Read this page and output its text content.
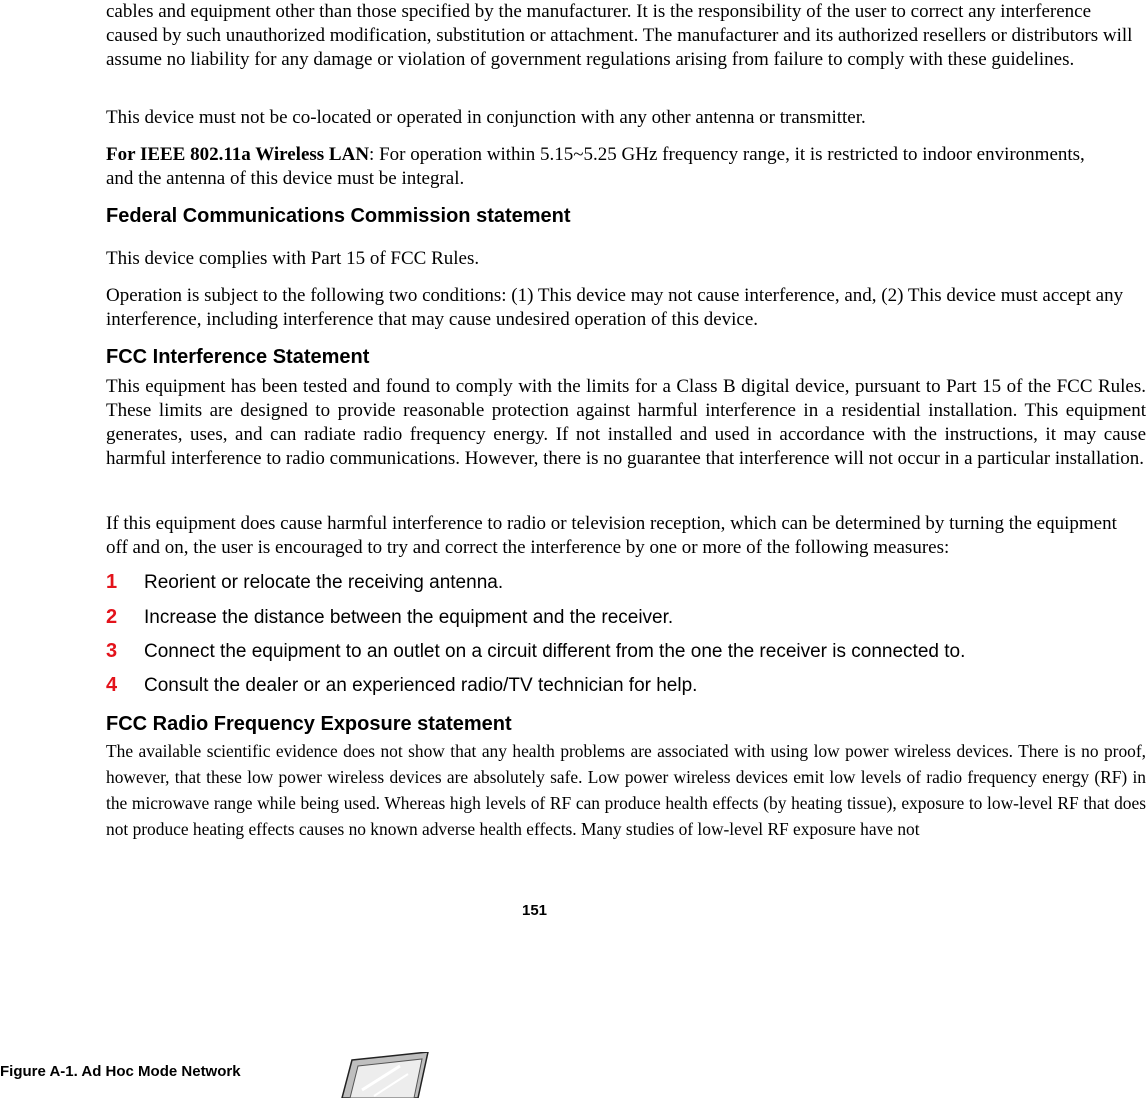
cables and equipment other than those specified by the manufacturer. It is the responsibility of the user to correct any interference caused by such unauthorized modification, substitution or attachment. The manufacturer and its authorized resellers or distributors will assume no liability for any damage or violation of government regulations arising from failure to comply with these guidelines.

This device must not be co-located or operated in conjunction with any other antenna or transmitter.

For IEEE 802.11a Wireless LAN: For operation within 5.15~5.25 GHz frequency range, it is restricted to indoor environments, and the antenna of this device must be integral.

Federal Communications Commission statement

This device complies with Part 15 of FCC Rules.

Operation is subject to the following two conditions: (1) This device may not cause interference, and, (2) This device must accept any interference, including interference that may cause undesired operation of this device.

FCC Interference Statement

This equipment has been tested and found to comply with the limits for a Class B digital device, pursuant to Part 15 of the FCC Rules. These limits are designed to provide reasonable protection against harmful interference in a residential installation. This equipment generates, uses, and can radiate radio frequency energy. If not installed and used in accordance with the instructions, it may cause harmful interference to radio communications. However, there is no guarantee that interference will not occur in a particular installation.

If this equipment does cause harmful interference to radio or television reception, which can be determined by turning the equipment off and on, the user is encouraged to try and correct the interference by one or more of the following measures:

1 Reorient or relocate the receiving antenna.
2 Increase the distance between the equipment and the receiver.
3 Connect the equipment to an outlet on a circuit different from the one the receiver is connected to.
4 Consult the dealer or an experienced radio/TV technician for help.
FCC Radio Frequency Exposure statement

The available scientific evidence does not show that any health problems are associated with using low power wireless devices. There is no proof, however, that these low power wireless devices are absolutely safe. Low power wireless devices emit low levels of radio frequency energy (RF) in the microwave range while being used. Whereas high levels of RF can produce health effects (by heating tissue), exposure to low-level RF that does not produce heating effects causes no known adverse health effects. Many studies of low-level RF exposure have not

151
Figure A-1. Ad Hoc Mode Network
